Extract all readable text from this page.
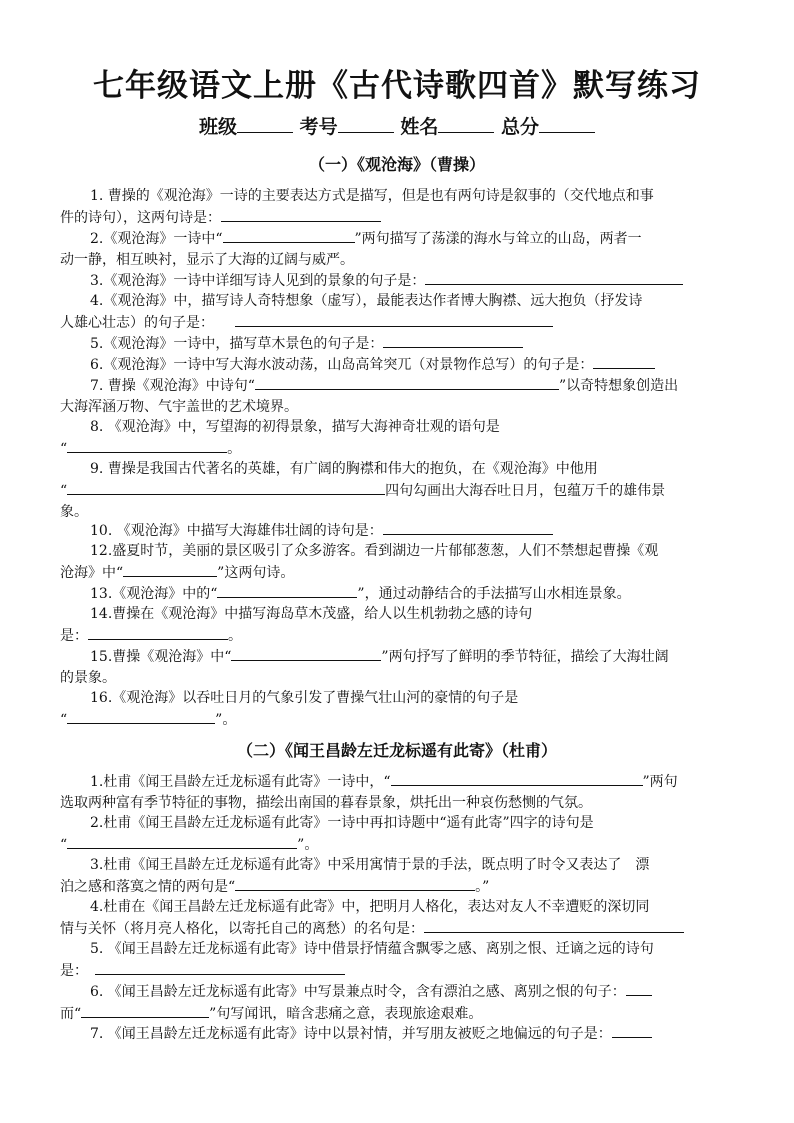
七年级语文上册《古代诗歌四首》默写练习
班级	考号	姓名	总分
（一）《观沧海》（曹操）
1. 曹操的《观沧海》一诗的主要表达方式是描写，但是也有两句诗是叙事的（交代地点和事
件的诗句），这两句诗是：
2.《观沧海》一诗中“	”两句描写了荡漾的海水与耸立的山岛，两者一
动一静，相互映衬，显示了大海的辽阔与威严。
3.《观沧海》一诗中详细写诗人见到的景象的句子是：
4.《观沧海》中，描写诗人奇特想象（虚写），最能表达作者博大胸襟、远大抱负（抒发诗
人雄心壮志）的句子是：　　
5.《观沧海》一诗中，描写草木景色的句子是：
6.《观沧海》一诗中写大海水波动荡，山岛高耸突兀（对景物作总写）的句子是：
7. 曹操《观沧海》中诗句“	”以奇特想象创造出
大海浑涵万物、气宇盖世的艺术境界。
8. 《观沧海》中，写望海的初得景象，描写大海神奇壮观的语句是
“	。
9. 曹操是我国古代著名的英雄，有广阔的胸襟和伟大的抱负，在《观沧海》中他用
“	四句勾画出大海吞吐日月，包蕴万千的雄伟景
象。
10. 《观沧海》中描写大海雄伟壮阔的诗句是：
12.盛夏时节，美丽的景区吸引了众多游客。看到湖边一片郁郁葱葱，人们不禁想起曹操《观
沧海》中“	”这两句诗。
13.《观沧海》中的“	”，通过动静结合的手法描写山水相连景象。
14.曹操在《观沧海》中描写海岛草木茂盛，给人以生机勃勃之感的诗句
是：	。
15.曹操《观沧海》中“	”两句抒写了鲜明的季节特征，描绘了大海壮阔
的景象。
16.《观沧海》以吞吐日月的气象引发了曹操气壮山河的豪情的句子是
“	”。
（二）《闻王昌龄左迁龙标遥有此寄》（杜甫）
1.杜甫《闻王昌龄左迁龙标遥有此寄》一诗中，“	”两句
选取两种富有季节特征的事物，描绘出南国的暮春景象，烘托出一种哀伤愁恻的气氛。
2.杜甫《闻王昌龄左迁龙标遥有此寄》一诗中再扣诗题中“遥有此寄”四字的诗句是
“	”。
3.杜甫《闻王昌龄左迁龙标遥有此寄》中采用寓情于景的手法，既点明了时令又表达了　漂
泊之感和落寞之情的两句是“	。”
4.杜甫在《闻王昌龄左迁龙标遥有此寄》中，把明月人格化，表达对友人不幸遭贬的深切同
情与关怀（将月亮人格化，以寄托自己的离愁）的名句是：
5. 《闻王昌龄左迁龙标遥有此寄》诗中借景抒情蕴含飘零之感、离别之恨、迁谪之远的诗句
是：　
6. 《闻王昌龄左迁龙标遥有此寄》中写景兼点时令，含有漂泊之感、离别之恨的句子：
而“	”句写闻讯，暗含悲痛之意，表现旅途艰难。
7. 《闻王昌龄左迁龙标遥有此寄》诗中以景衬情，并写朋友被贬之地偏远的句子是：
